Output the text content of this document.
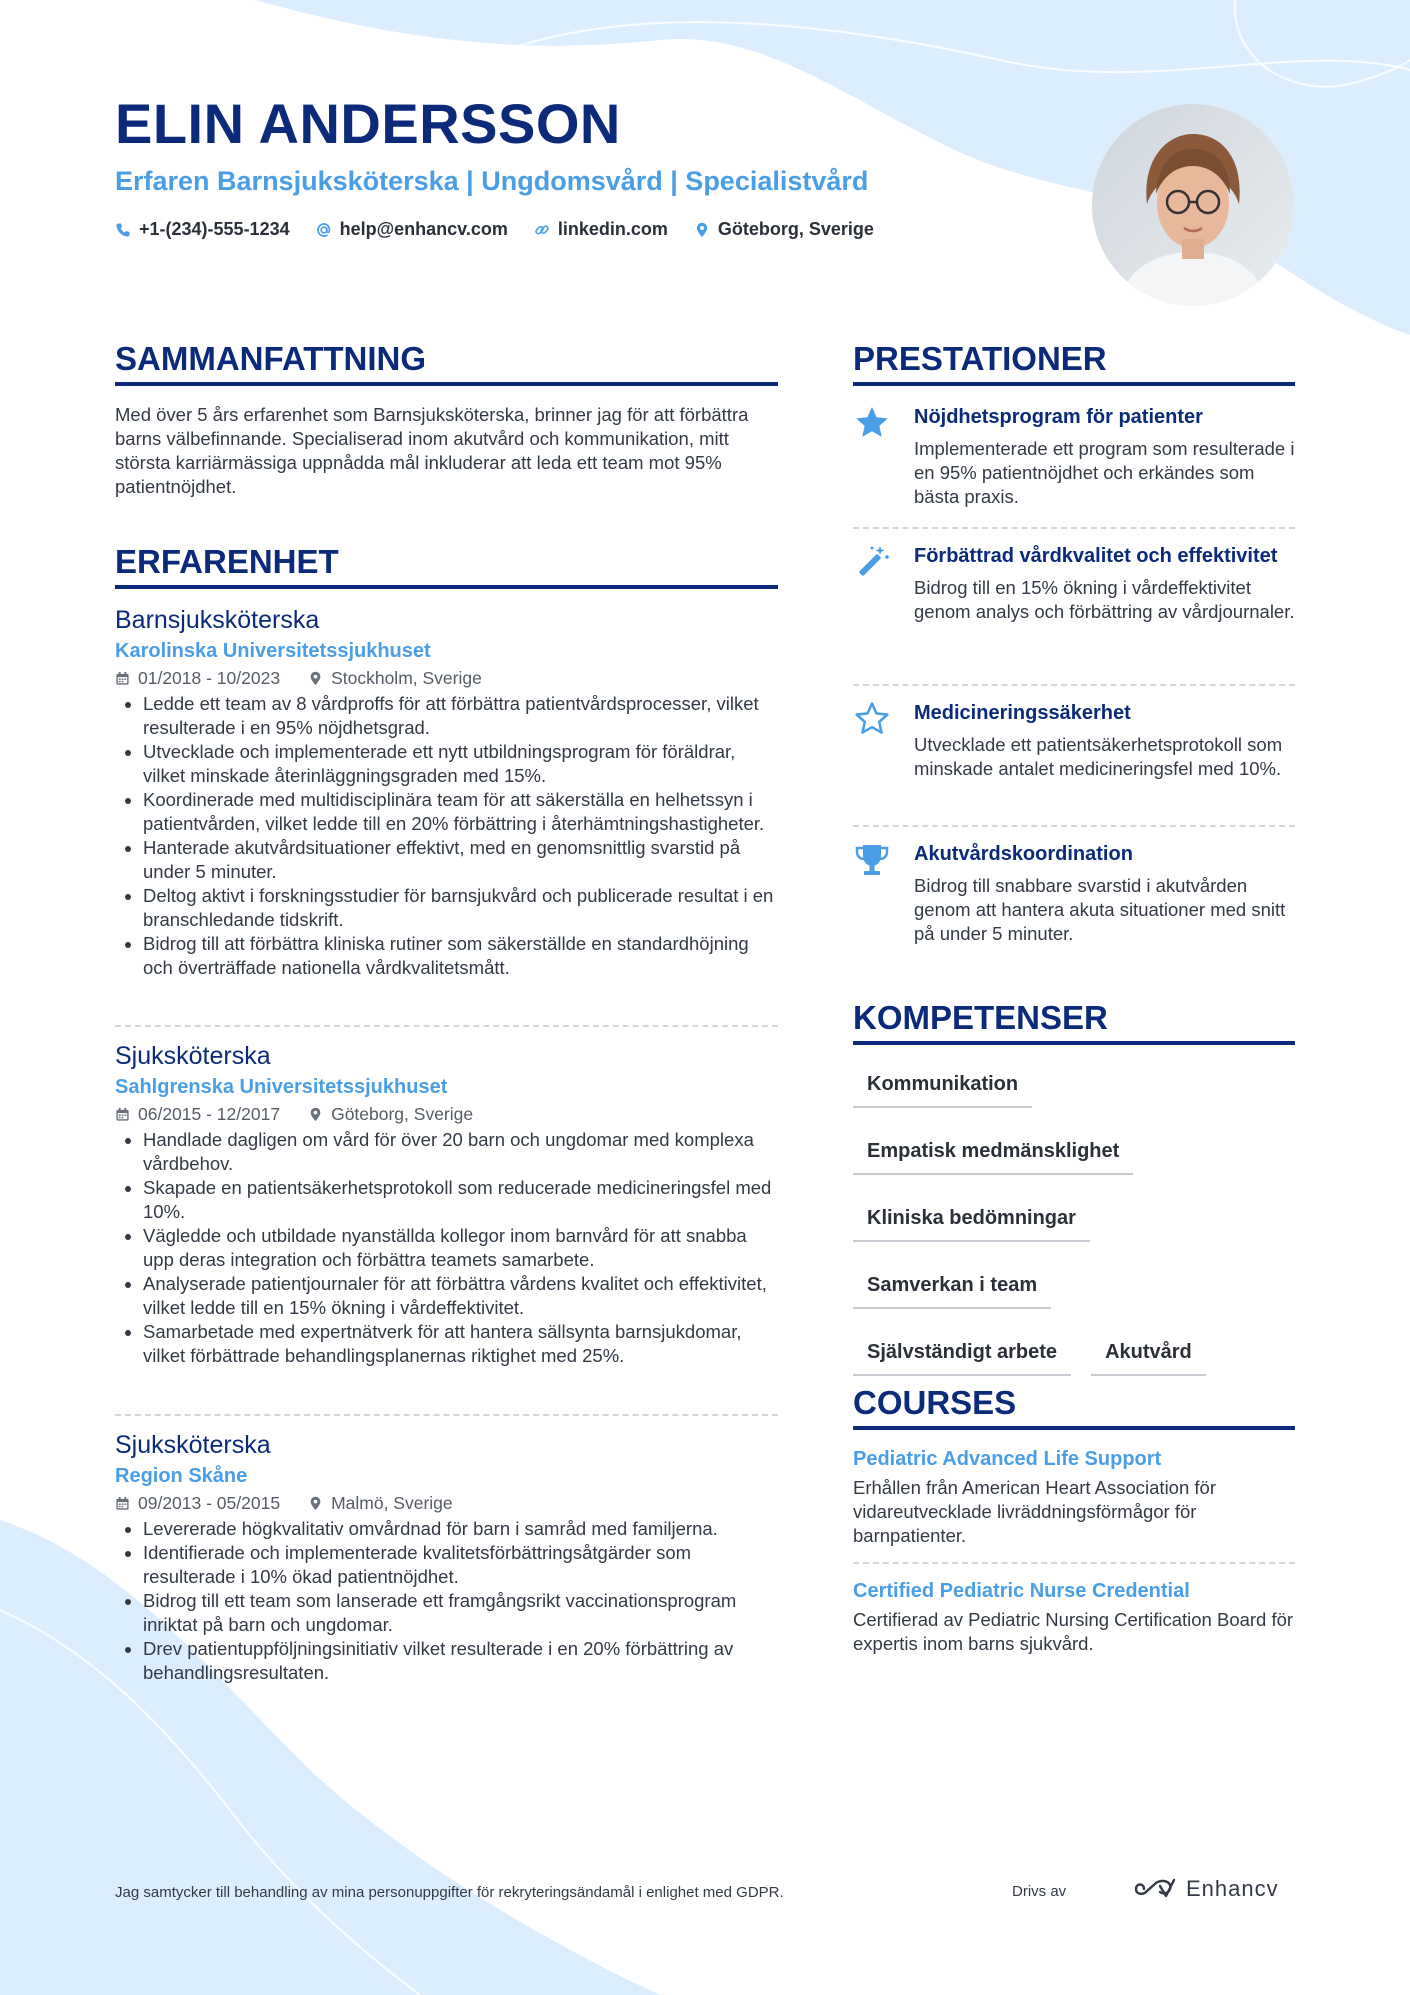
ELIN ANDERSSON
Erfaren Barnsjuksköterska | Ungdomsvård | Specialistvård
+1-(234)-555-1234	help@enhancv.com	linkedin.com	Göteborg, Sverige
SAMMANFATTNING

Med över 5 års erfarenhet som Barnsjuksköterska, brinner jag för att förbättra barns välbefinnande. Specialiserad inom akutvård och kommunikation, mitt största karriärmässiga uppnådda mål inkluderar att leda ett team mot 95% patientnöjdhet.

ERFARENHET
Barnsjuksköterska
Karolinska Universitetssjukhuset
01/2018 - 10/2023	Stockholm, Sverige
• Ledde ett team av 8 vårdproffs för att förbättra patientvårdsprocesser, vilket resulterade i en 95% nöjdhetsgrad.
• Utvecklade och implementerade ett nytt utbildningsprogram för föräldrar, vilket minskade återinläggningsgraden med 15%.
• Koordinerade med multidisciplinära team för att säkerställa en helhetssyn i patientvården, vilket ledde till en 20% förbättring i återhämtningshastigheter.
• Hanterade akutvårdsituationer effektivt, med en genomsnittlig svarstid på under 5 minuter.
• Deltog aktivt i forskningsstudier för barnsjukvård och publicerade resultat i en branschledande tidskrift.
• Bidrog till att förbättra kliniska rutiner som säkerställde en standardhöjning och överträffade nationella vårdkvalitetsmått.
Sjuksköterska
Sahlgrenska Universitetssjukhuset
06/2015 - 12/2017	Göteborg, Sverige
• Handlade dagligen om vård för över 20 barn och ungdomar med komplexa vårdbehov.
• Skapade en patientsäkerhetsprotokoll som reducerade medicineringsfel med 10%.
• Vägledde och utbildade nyanställda kollegor inom barnvård för att snabba upp deras integration och förbättra teamets samarbete.
• Analyserade patientjournaler för att förbättra vårdens kvalitet och effektivitet, vilket ledde till en 15% ökning i vårdeffektivitet.
• Samarbetade med expertnätverk för att hantera sällsynta barnsjukdomar, vilket förbättrade behandlingsplanernas riktighet med 25%.
Sjuksköterska
Region Skåne
09/2013 - 05/2015	Malmö, Sverige
• Levererade högkvalitativ omvårdnad för barn i samråd med familjerna.
• Identifierade och implementerade kvalitetsförbättringsåtgärder som resulterade i 10% ökad patientnöjdhet.
• Bidrog till ett team som lanserade ett framgångsrikt vaccinationsprogram inriktat på barn och ungdomar.
• Drev patientuppföljningsinitiativ vilket resulterade i en 20% förbättring av behandlingsresultaten.
PRESTATIONER
Nöjdhetsprogram för patienter
Implementerade ett program som resulterade i en 95% patientnöjdhet och erkändes som bästa praxis.
Förbättrad vårdkvalitet och effektivitet
Bidrog till en 15% ökning i vårdeffektivitet genom analys och förbättring av vårdjournaler.
Medicineringssäkerhet
Utvecklade ett patientsäkerhetsprotokoll som minskade antalet medicineringsfel med 10%.
Akutvårdskoordination
Bidrog till snabbare svarstid i akutvården genom att hantera akuta situationer med snitt på under 5 minuter.
KOMPETENSER
Kommunikation
Empatisk medmänsklighet
Kliniska bedömningar
Samverkan i team
Självständigt arbete	Akutvård
COURSES
Pediatric Advanced Life Support
Erhållen från American Heart Association för vidareutvecklade livräddningsförmågor för barnpatienter.
Certified Pediatric Nurse Credential
Certifierad av Pediatric Nursing Certification Board för expertis inom barns sjukvård.
Jag samtycker till behandling av mina personuppgifter för rekryteringsändamål i enlighet med GDPR.	Drivs av	Enhancv
